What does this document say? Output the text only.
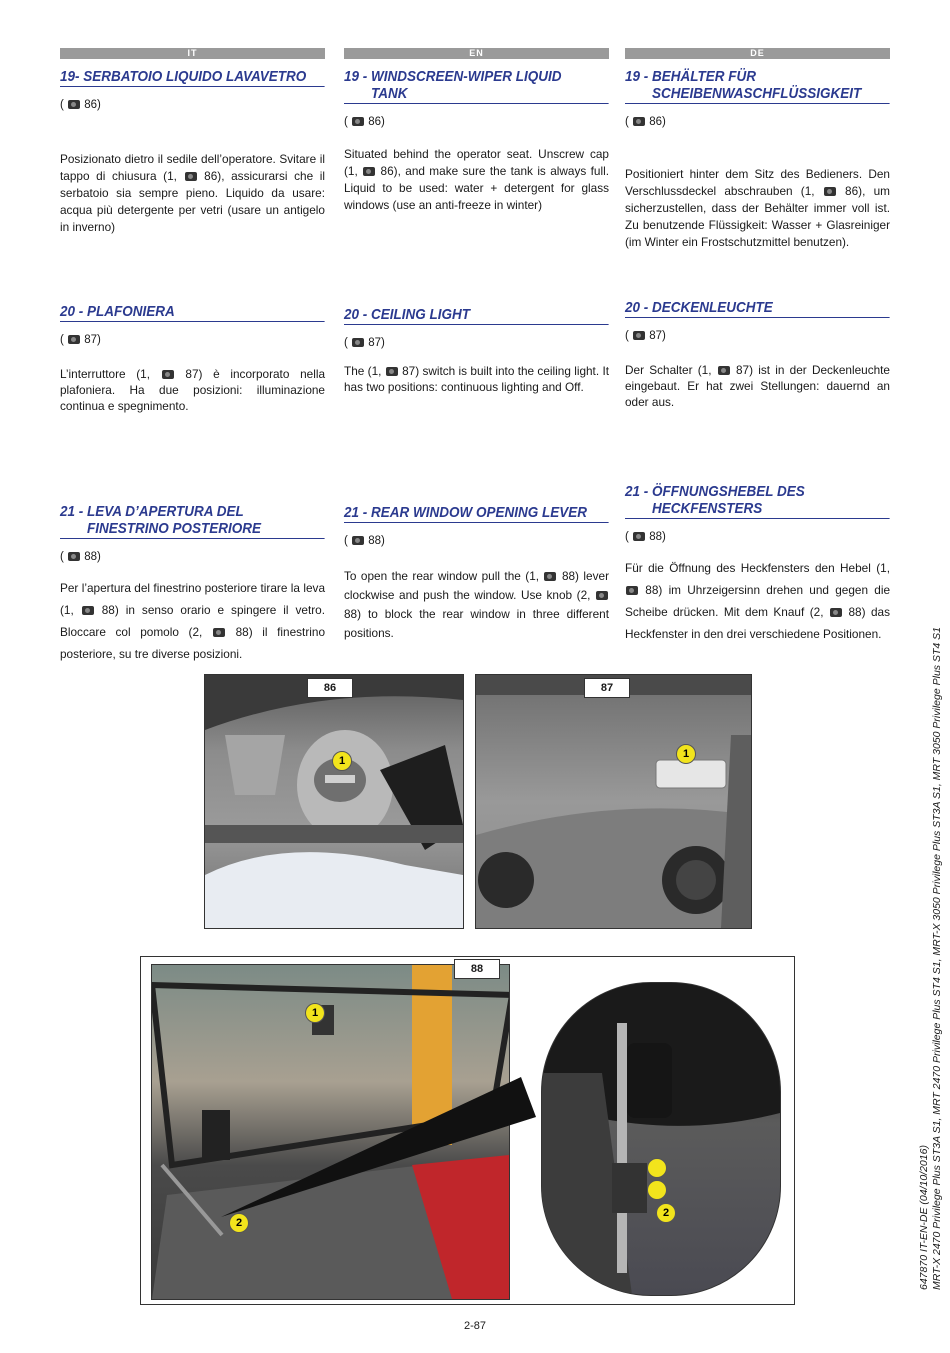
IT	EN	DE
19- SERBATOIO LIQUIDO LAVAVETRO
(  86)
Posizionato dietro il sedile dell’operatore. Svitare il tappo di chiusura (1,  86), assicurarsi che il serbatoio sia sempre pieno. Liquido da usare: acqua più detergente per vetri (usare un antigelo in inverno)
19 - WINDSCREEN-WIPER LIQUID
TANK
(  86)
Situated behind the operator seat. Unscrew cap (1,  86), and make sure the tank is always full. Liquid to be used: water + detergent for glass windows (use an anti-freeze in winter)
19 - BEHÄLTER FÜR
SCHEIBENWASCHFLÜSSIGKEIT
(  86)
Positioniert hinter dem Sitz des Bedieners. Den Verschlussdeckel abschrauben (1,  86), um sicherzustellen, dass der Behälter immer voll ist. Zu benutzende Flüssigkeit: Wasser + Glasreiniger (im Winter ein Frostschutzmittel benutzen).
20 - PLAFONIERA
(  87)
L’interruttore (1,  87) è incorporato nella plafoniera. Ha due posizioni: illuminazione continua e spegnimento.
20 - CEILING LIGHT
(  87)
The (1,  87) switch is built into the ceiling light. It has two positions: continuous lighting and Off.
20 - DECKENLEUCHTE
(  87)
Der Schalter (1,  87) ist in der Deckenleuchte eingebaut. Er hat zwei Stellungen: dauernd an oder aus.
21 - LEVA D’APERTURA DEL
FINESTRINO POSTERIORE
(  88)
Per l’apertura del finestrino posteriore tirare la leva (1,  88) in senso orario e spingere il vetro. Bloccare col pomolo (2,  88) il finestrino posteriore, su tre diverse posizioni.
21 - REAR WINDOW OPENING LEVER
(  88)
To open the rear window pull the (1,  88) lever clockwise and push the window. Use knob (2,  88) to block the rear window in three different positions.
21 - ÖFFNUNGSHEBEL DES
HECKFENSTERS
(  88)
Für die Öffnung des Heckfensters den Hebel (1,  88) im Uhrzeigersinn drehen und gegen die Scheibe drücken. Mit dem Knauf (2,  88) das Heckfenster in den drei verschiedene Positionen.
86
1
87
1
88
1
2
2
2-87
647870 IT-EN-DE (04/10/2016) MRT-X 2470 Privilege Plus ST3A S1, MRT 2470 Privilege Plus ST4 S1, MRT-X 3050 Privilege Plus ST3A S1, MRT 3050 Privilege Plus ST4 S1
